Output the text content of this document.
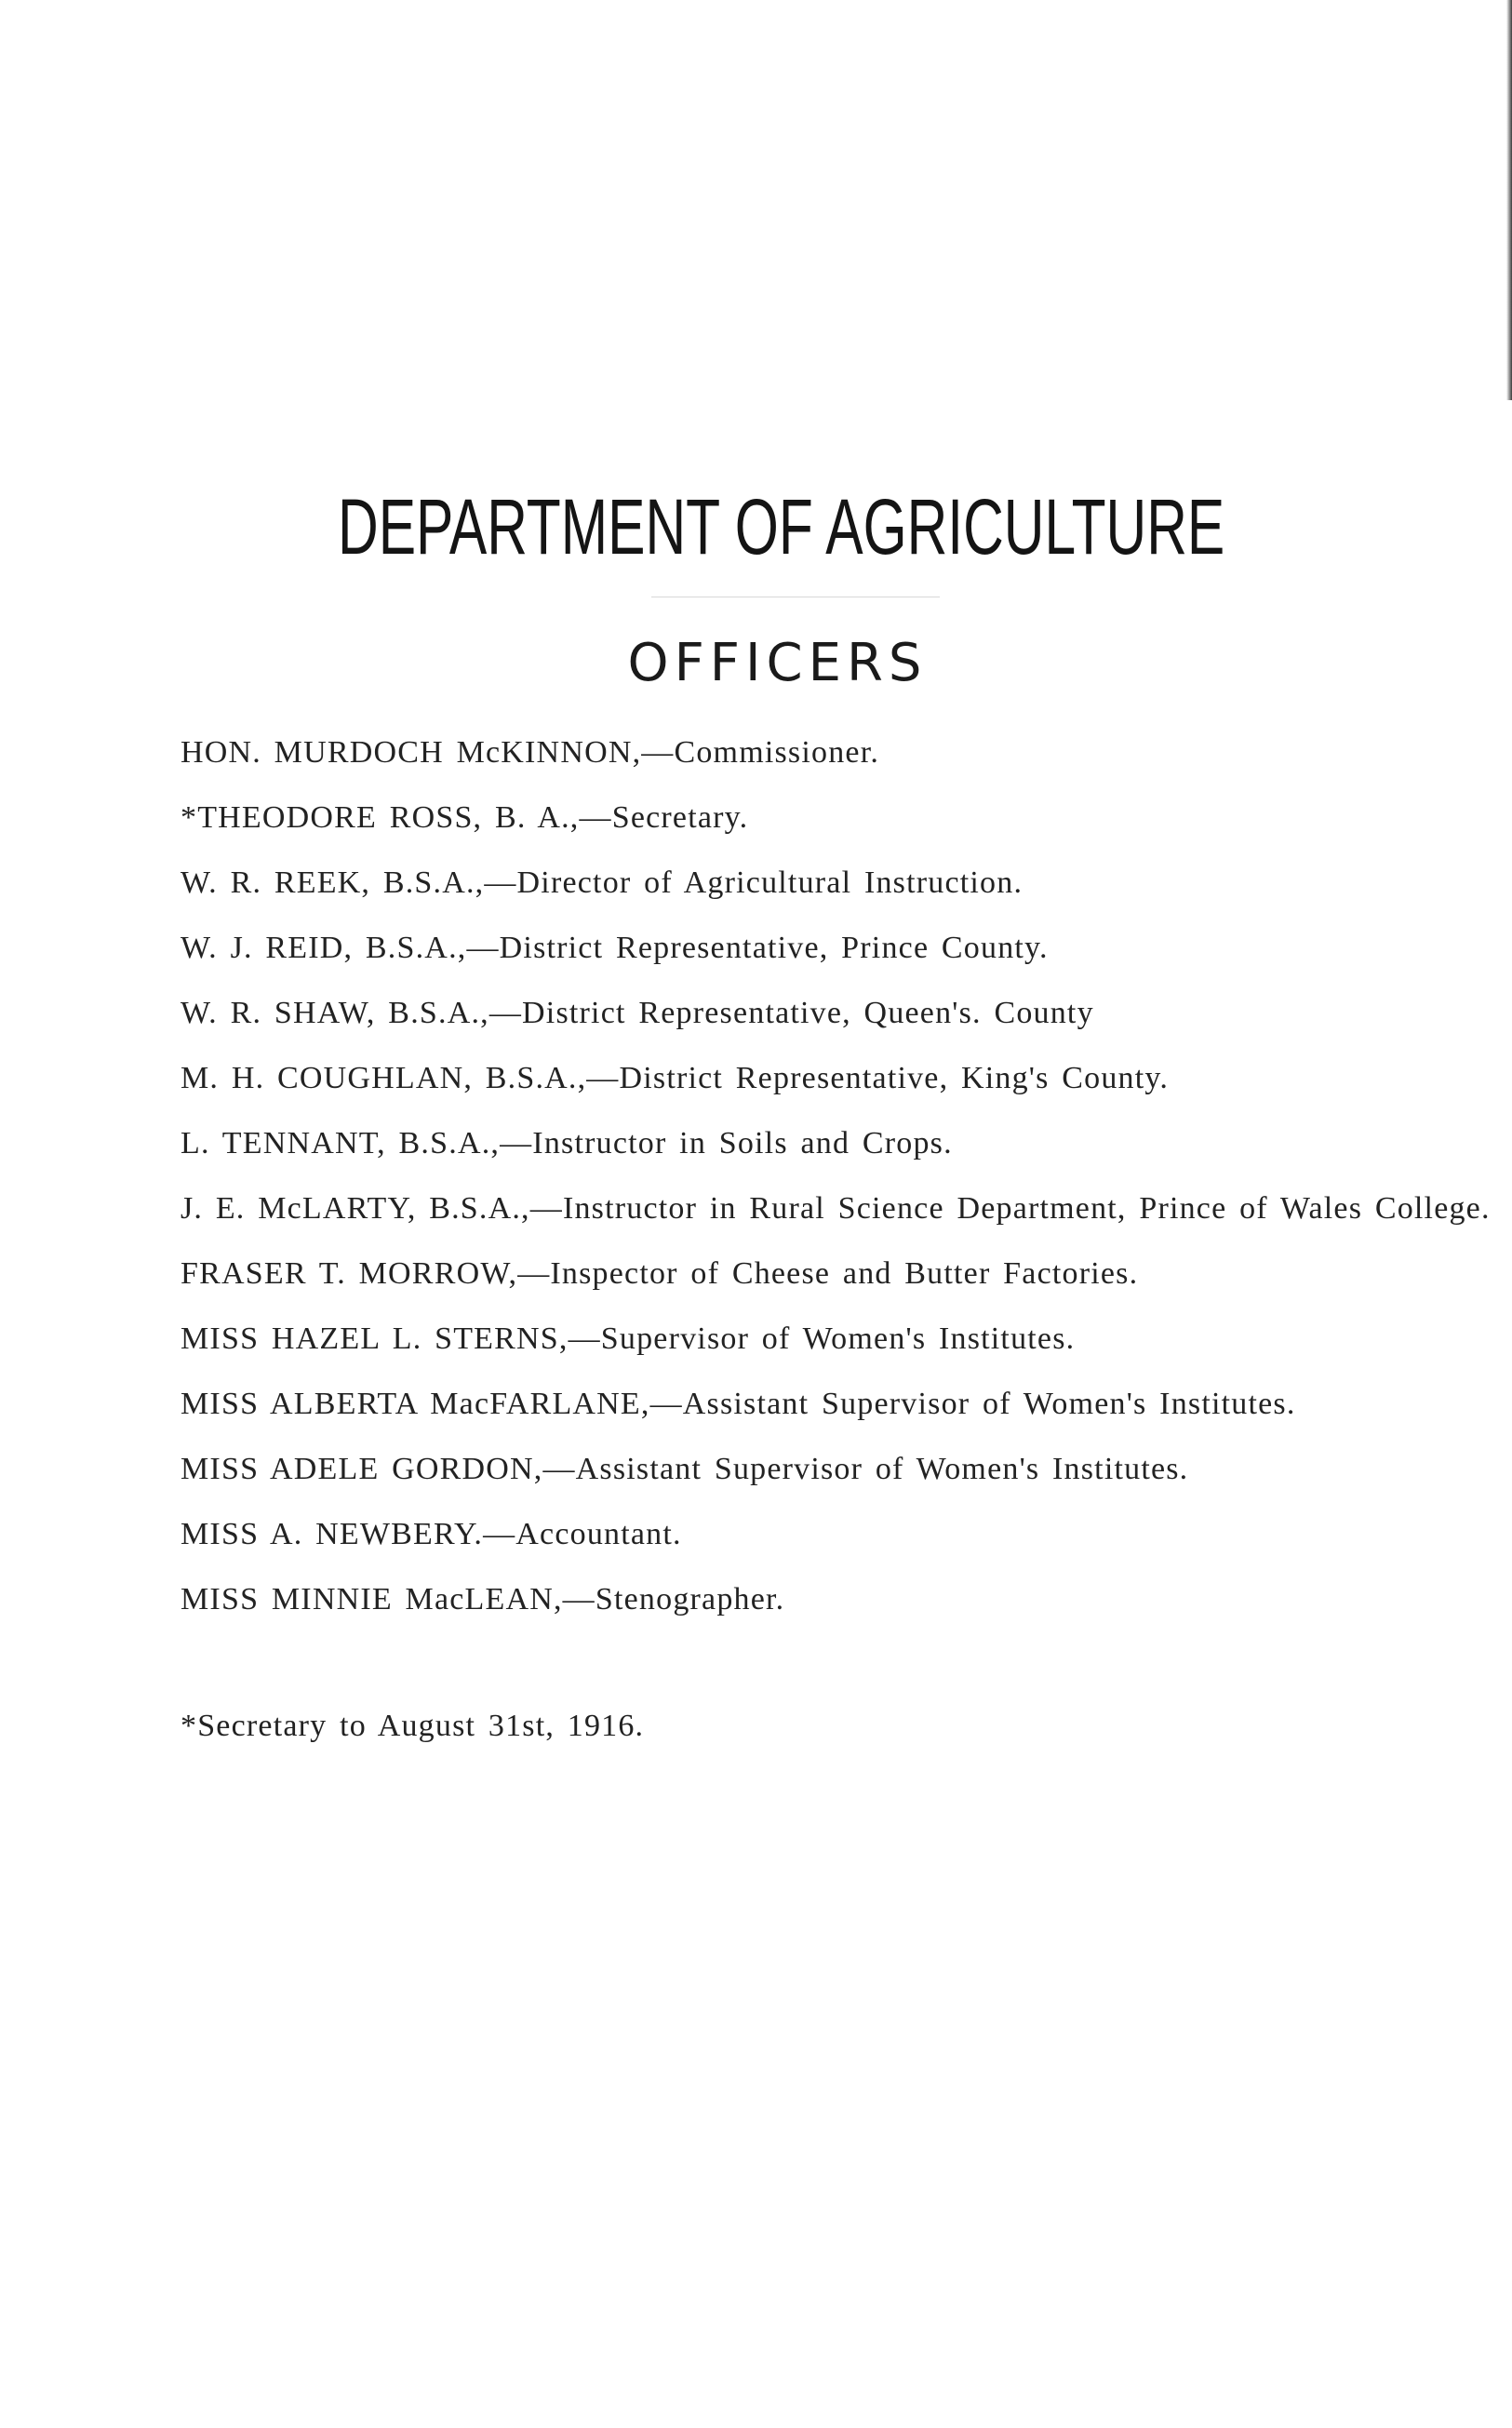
DEPARTMENT OF AGRICULTURE
OFFICERS
HON. MURDOCH McKINNON,—Commissioner.
*THEODORE ROSS, B. A.,—Secretary.
W. R. REEK, B.S.A.,—Director of Agricultural Instruction.
W. J. REID, B.S.A.,—District Representative, Prince County.
W. R. SHAW, B.S.A.,—District Representative, Queen's. County
M. H. COUGHLAN, B.S.A.,—District Representative, King's County.
L. TENNANT, B.S.A.,—Instructor in Soils and Crops.
J. E. McLARTY, B.S.A.,—Instructor in Rural Science Department, Prince of Wales College.
FRASER T. MORROW,—Inspector of Cheese and Butter Factories.
MISS HAZEL L. STERNS,—Supervisor of Women's Institutes.
MISS ALBERTA MacFARLANE,—Assistant Supervisor of Women's Institutes.
MISS ADELE GORDON,—Assistant Supervisor of Women's Institutes.
MISS A. NEWBERY.—Accountant.
MISS MINNIE MacLEAN,—Stenographer.

*Secretary to August 31st, 1916.
